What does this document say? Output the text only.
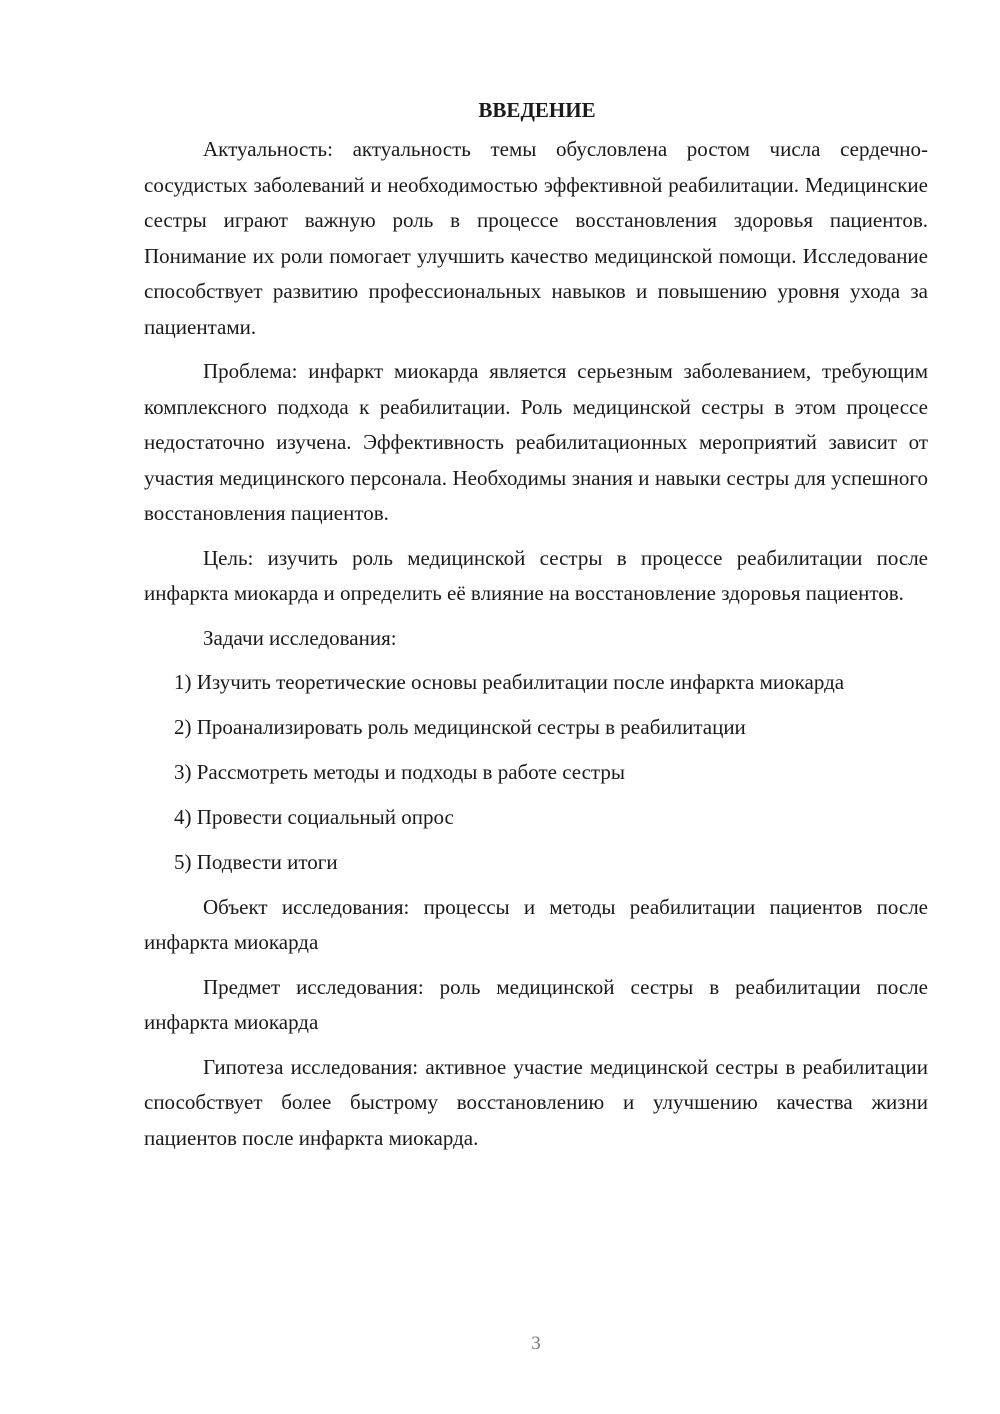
ВВЕДЕНИЕ

Актуальность: актуальность темы обусловлена ростом числа сердечно-сосудистых заболеваний и необходимостью эффективной реабилитации. Медицинские сестры играют важную роль в процессе восстановления здоровья пациентов. Понимание их роли помогает улучшить качество медицинской помощи. Исследование способствует развитию профессиональных навыков и повышению уровня ухода за пациентами.

Проблема: инфаркт миокарда является серьезным заболеванием, требующим комплексного подхода к реабилитации. Роль медицинской сестры в этом процессе недостаточно изучена. Эффективность реабилитационных мероприятий зависит от участия медицинского персонала. Необходимы знания и навыки сестры для успешного восстановления пациентов.

Цель: изучить роль медицинской сестры в процессе реабилитации после инфаркта миокарда и определить её влияние на восстановление здоровья пациентов.

Задачи исследования:

1) Изучить теоретические основы реабилитации после инфаркта миокарда
2) Проанализировать роль медицинской сестры в реабилитации
3) Рассмотреть методы и подходы в работе сестры
4) Провести социальный опрос
5) Подвести итоги

Объект исследования: процессы и методы реабилитации пациентов после инфаркта миокарда

Предмет исследования: роль медицинской сестры в реабилитации после инфаркта миокарда

Гипотеза исследования: активное участие медицинской сестры в реабилитации способствует более быстрому восстановлению и улучшению качества жизни пациентов после инфаркта миокарда.

3
